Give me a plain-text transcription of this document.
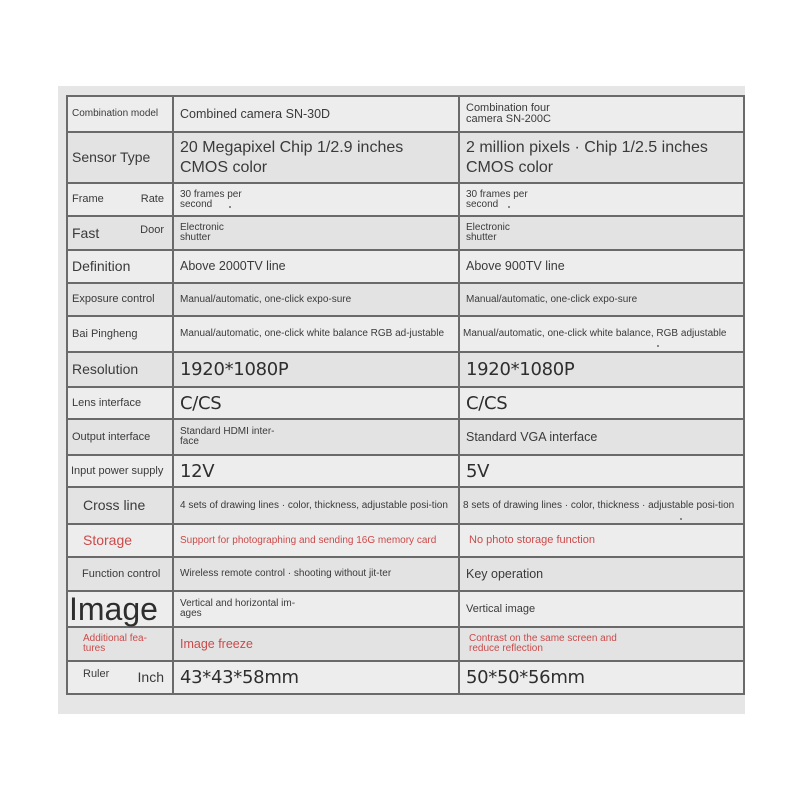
Combination model	Combined camera SN-30D	Combination four camera SN-200C

Sensor Type	20 Megapixel Chip 1/2.9 inches CMOS color	2 million pixels · Chip 1/2.5 inches CMOS color

Frame Rate	30 frames per second	30 frames per second

Fast Door	Electronic shutter	Electronic shutter

Definition	Above 2000TV line	Above 900TV line
Exposure control	Manual/automatic, one-click expo-sure	Manual/automatic, one-click expo-sure

Bai Pingheng	Manual/automatic, one-click white balance RGB ad-justable	Manual/automatic, one-click white balance, RGB adjustable

Resolution	1920*1080P	1920*1080P
Lens interface	C/CS	C/CS
Output interface	Standard HDMI inter-face	Standard VGA interface
Input power supply	12V	5V
Cross line	4 sets of drawing lines · color, thickness, adjustable posi-tion	8 sets of drawing lines · color, thickness · adjustable posi-tion

Storage	Support for photographing and sending 16G memory card	No photo storage function
Function control	Wireless remote control · shooting without jit-ter	Key operation
Image	Vertical and horizontal im-ages	Vertical image

Additional fea-tures	Image freeze	Contrast on the same screen and reduce reflection

Ruler Inch	43*43*58mm	50*50*56mm
